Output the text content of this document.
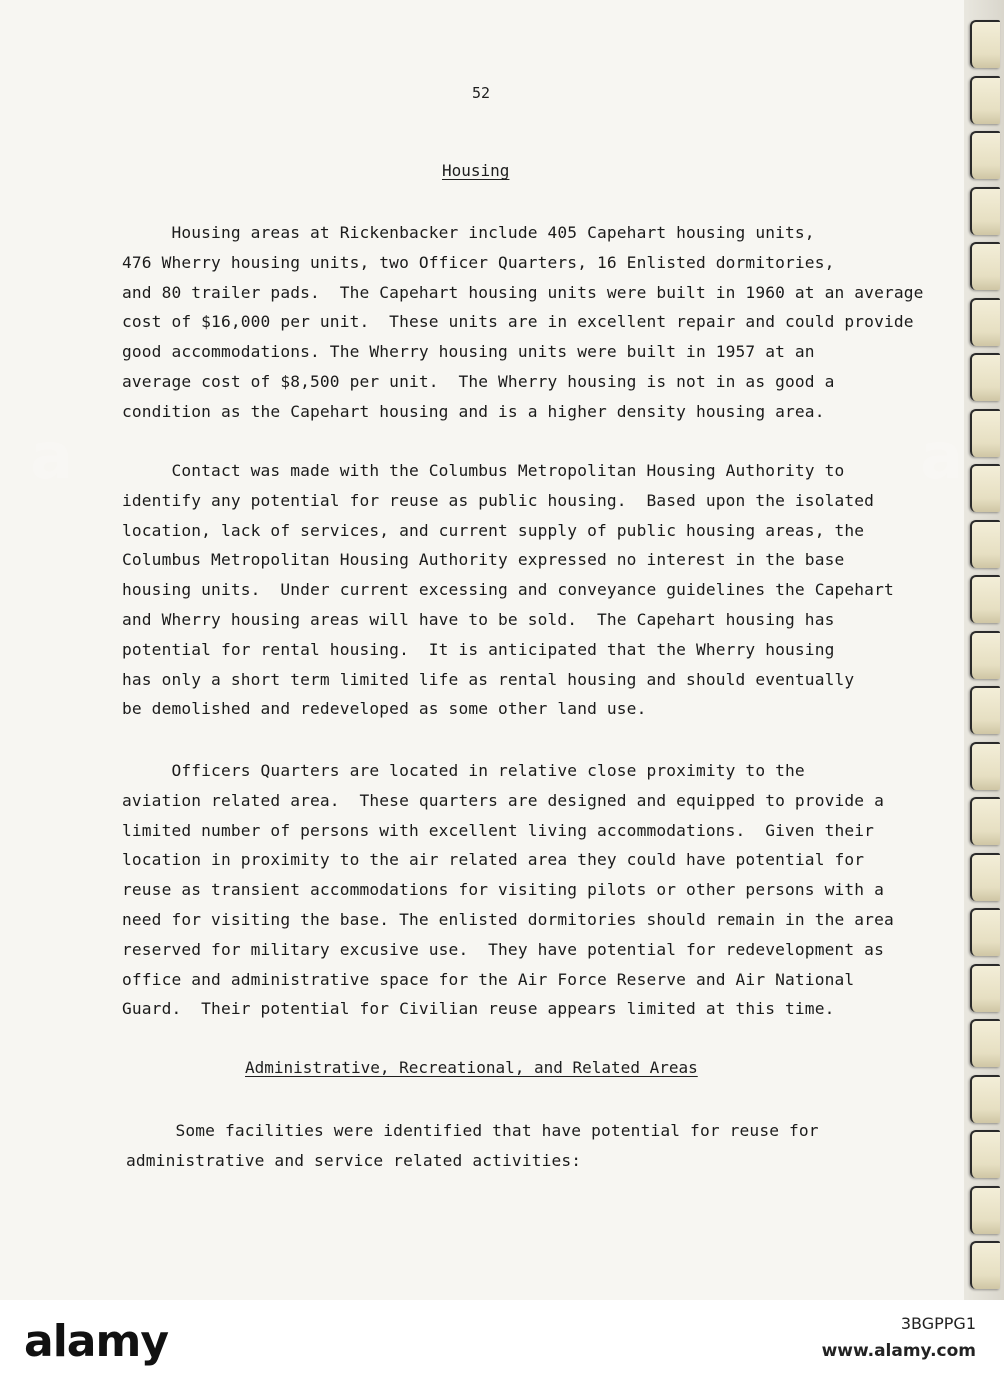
a	a
52
Housing
Housing areas at Rickenbacker include 405 Capehart housing units,
476 Wherry housing units, two Officer Quarters, 16 Enlisted dormitories,
and 80 trailer pads.  The Capehart housing units were built in 1960 at an average
cost of $16,000 per unit.  These units are in excellent repair and could provide
good accommodations. The Wherry housing units were built in 1957 at an
average cost of $8,500 per unit.  The Wherry housing is not in as good a
condition as the Capehart housing and is a higher density housing area.
Contact was made with the Columbus Metropolitan Housing Authority to
identify any potential for reuse as public housing.  Based upon the isolated
location, lack of services, and current supply of public housing areas, the
Columbus Metropolitan Housing Authority expressed no interest in the base
housing units.  Under current excessing and conveyance guidelines the Capehart
and Wherry housing areas will have to be sold.  The Capehart housing has
potential for rental housing.  It is anticipated that the Wherry housing
has only a short term limited life as rental housing and should eventually
be demolished and redeveloped as some other land use.
Officers Quarters are located in relative close proximity to the
aviation related area.  These quarters are designed and equipped to provide a
limited number of persons with excellent living accommodations.  Given their
location in proximity to the air related area they could have potential for
reuse as transient accommodations for visiting pilots or other persons with a
need for visiting the base. The enlisted dormitories should remain in the area
reserved for military excusive use.  They have potential for redevelopment as
office and administrative space for the Air Force Reserve and Air National
Guard.  Their potential for Civilian reuse appears limited at this time.
Administrative, Recreational, and Related Areas
Some facilities were identified that have potential for reuse for
administrative and service related activities:
alamy	3BGPPG1
www.alamy.com
